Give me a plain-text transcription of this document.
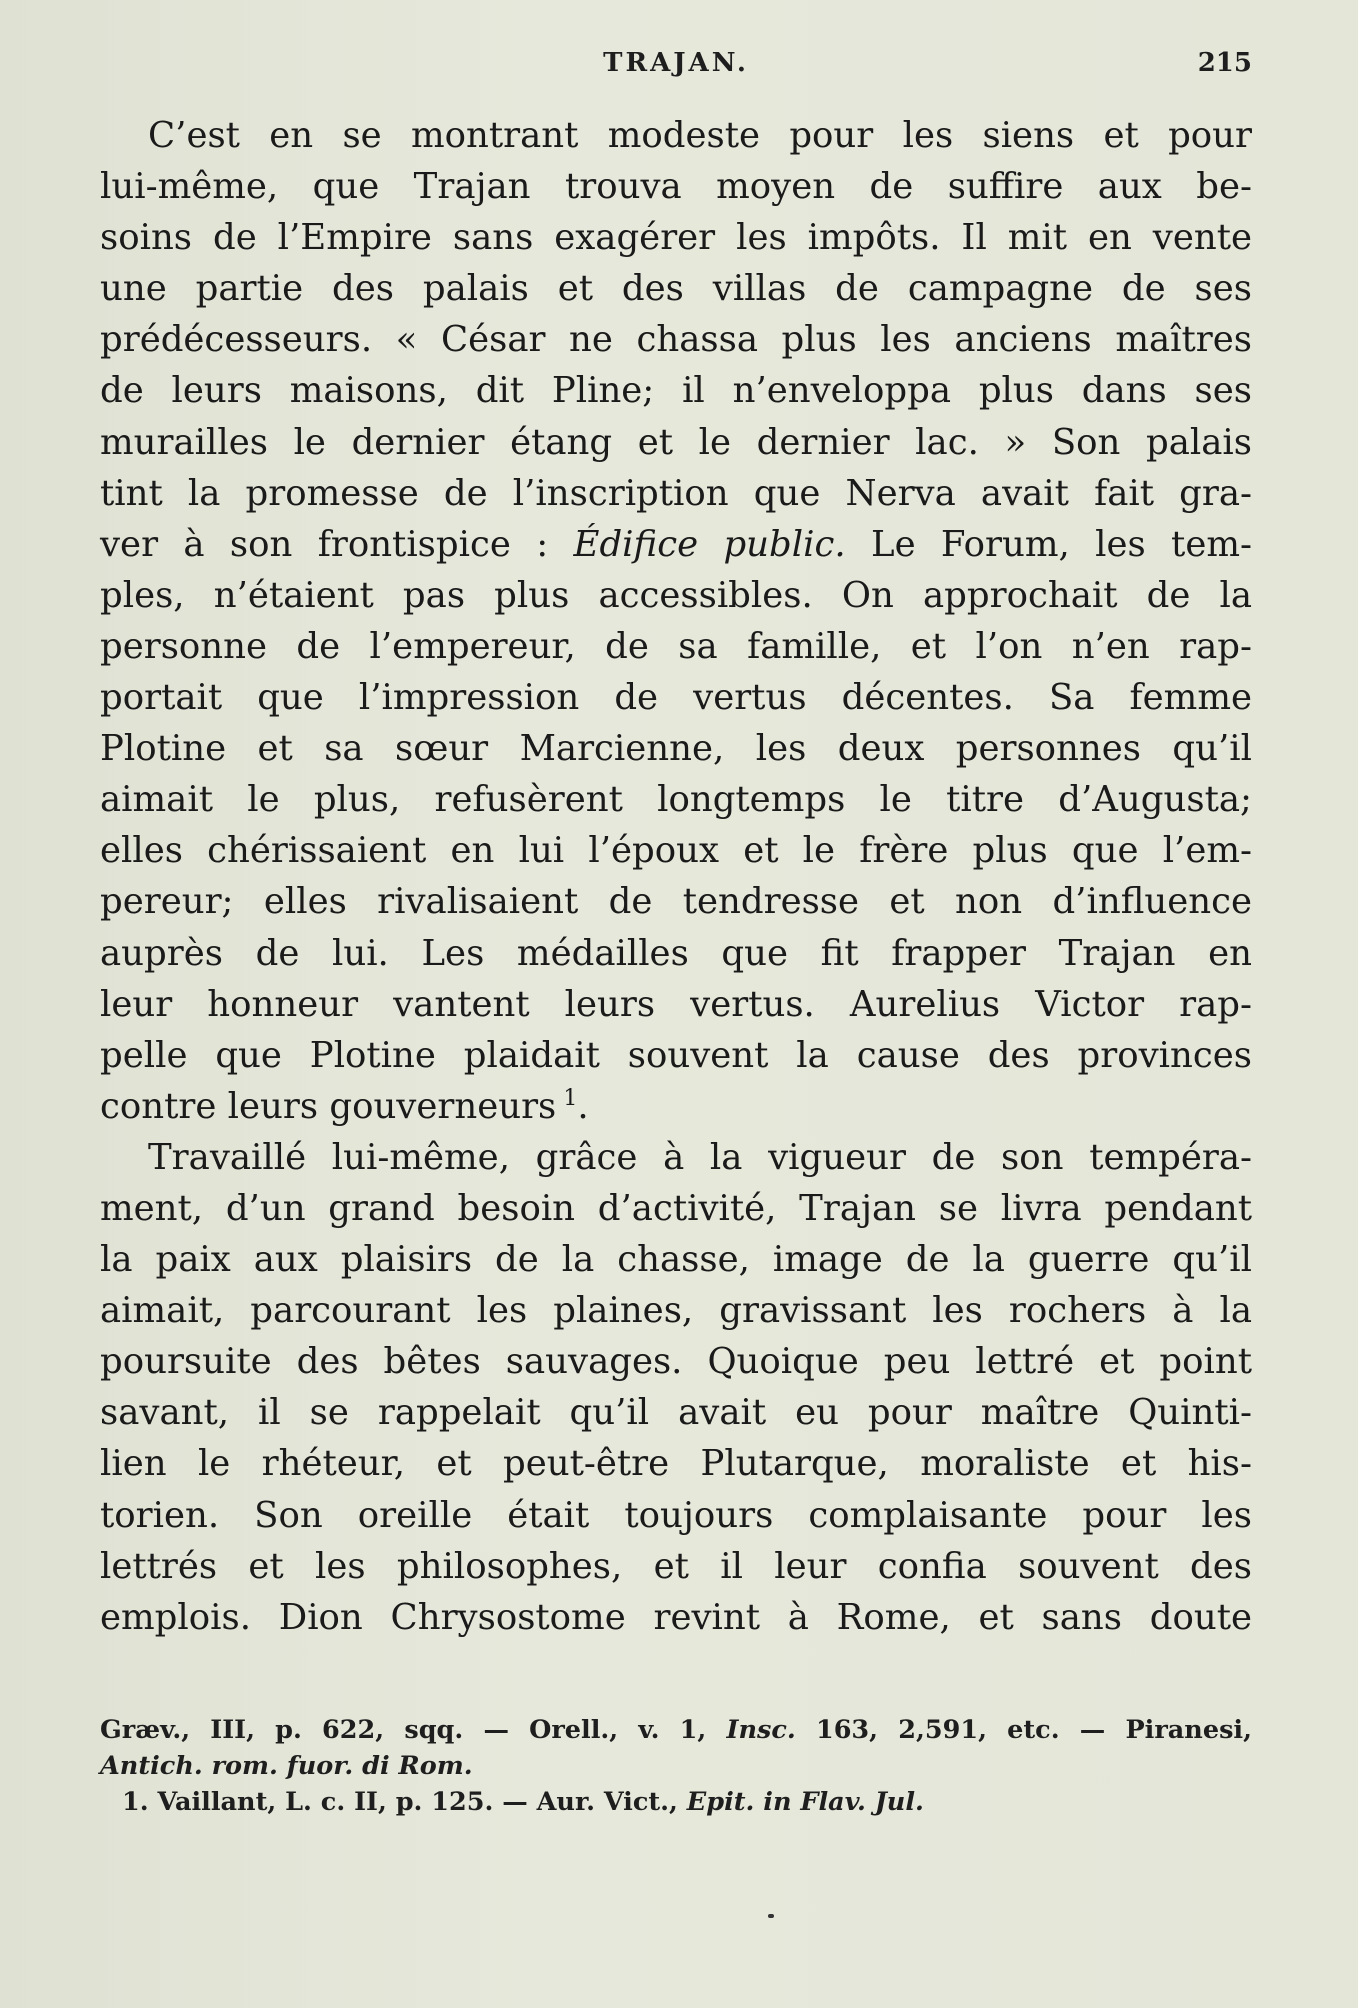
TRAJAN.	215
C’est en se montrant modeste pour les siens et pour
lui-même, que Trajan trouva moyen de suffire aux be-
soins de l’Empire sans exagérer les impôts. Il mit en vente
une partie des palais et des villas de campagne de ses
prédécesseurs. « César ne chassa plus les anciens maîtres
de leurs maisons, dit Pline; il n’enveloppa plus dans ses
murailles le dernier étang et le dernier lac. » Son palais
tint la promesse de l’inscription que Nerva avait fait gra-
ver à son frontispice : Édifice public. Le Forum, les tem-
ples, n’étaient pas plus accessibles. On approchait de la
personne de l’empereur, de sa famille, et l’on n’en rap-
portait que l’impression de vertus décentes. Sa femme
Plotine et sa sœur Marcienne, les deux personnes qu’il
aimait le plus, refusèrent longtemps le titre d’Augusta;
elles chérissaient en lui l’époux et le frère plus que l’em-
pereur; elles rivalisaient de tendresse et non d’influence
auprès de lui. Les médailles que fit frapper Trajan en
leur honneur vantent leurs vertus. Aurelius Victor rap-
pelle que Plotine plaidait souvent la cause des provinces
contre leurs gouverneurs  $^1$.
Travaillé lui-même, grâce à la vigueur de son tempéra-
ment, d’un grand besoin d’activité, Trajan se livra pendant
la paix aux plaisirs de la chasse, image de la guerre qu’il
aimait, parcourant les plaines, gravissant les rochers à la
poursuite des bêtes sauvages. Quoique peu lettré et point
savant, il se rappelait qu’il avait eu pour maître Quinti-
lien le rhéteur, et peut-être Plutarque, moraliste et his-
torien. Son oreille était toujours complaisante pour les
lettrés et les philosophes, et il leur confia souvent des
emplois. Dion Chrysostome revint à Rome, et sans doute
Græv., III, p. 622, sqq. — Orell., v. 1, Insc. 163, 2,591, etc. — Piranesi,
Antich. rom. fuor. di Rom.
1. Vaillant, L. c. II, p. 125. — Aur. Vict., Epit. in Flav. Jul.
